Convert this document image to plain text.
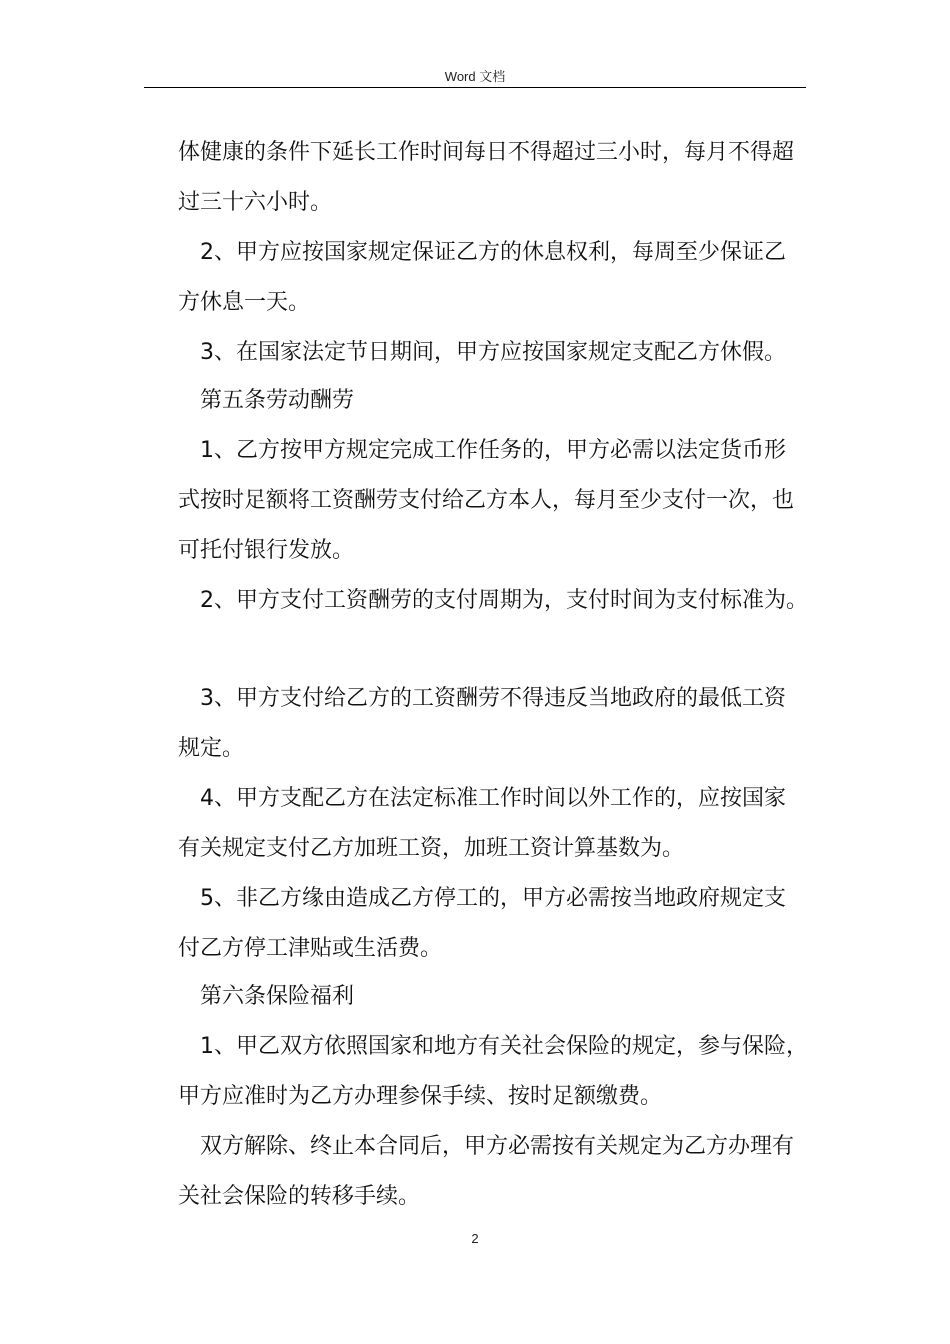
Word 文档
体健康的条件下延长工作时间每日不得超过三小时，每月不得超
过三十六小时。
2、甲方应按国家规定保证乙方的休息权利，每周至少保证乙
方休息一天。
3、在国家法定节日期间，甲方应按国家规定支配乙方休假。
第五条劳动酬劳
1、乙方按甲方规定完成工作任务的，甲方必需以法定货币形
式按时足额将工资酬劳支付给乙方本人，每月至少支付一次，也
可托付银行发放。
2、甲方支付工资酬劳的支付周期为，支付时间为支付标准为。
3、甲方支付给乙方的工资酬劳不得违反当地政府的最低工资
规定。
4、甲方支配乙方在法定标准工作时间以外工作的，应按国家
有关规定支付乙方加班工资，加班工资计算基数为。
5、非乙方缘由造成乙方停工的，甲方必需按当地政府规定支
付乙方停工津贴或生活费。
第六条保险福利
1、甲乙双方依照国家和地方有关社会保险的规定，参与保险，
甲方应准时为乙方办理参保手续、按时足额缴费。
双方解除、终止本合同后，甲方必需按有关规定为乙方办理有
关社会保险的转移手续。
2
